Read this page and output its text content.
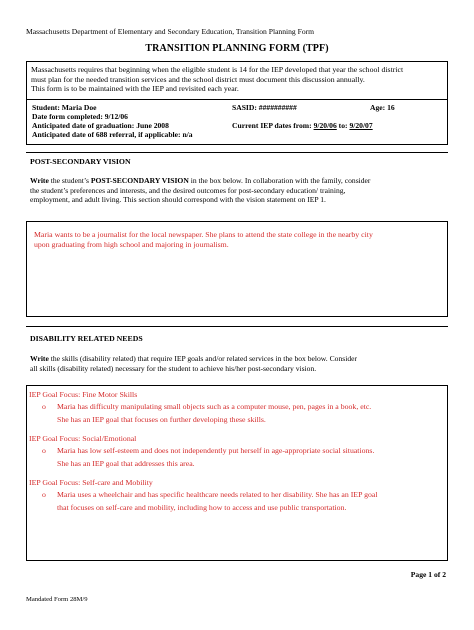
Massachusetts Department of Elementary and Secondary Education, Transition Planning Form
TRANSITION PLANNING FORM (TPF)
Massachusetts requires that beginning when the eligible student is 14 for the IEP developed that year the school district
must plan for the needed transition services and the school district must document this discussion annually.
This form is to be maintained with the IEP and revisited each year.
Student: Maria Doe	SASID: ##########	Age: 16
Date form completed: 9/12/06
Anticipated date of graduation: June 2008	Current IEP dates from: 9/20/06 to: 9/20/07
Anticipated date of 688 referral, if applicable: n/a
POST-SECONDARY VISION
Write the student’s POST-SECONDARY VISION in the box below. In collaboration with the family, consider
the student’s preferences and interests, and the desired outcomes for post-secondary education/ training,
employment, and adult living. This section should correspond with the vision statement on IEP 1.
Maria wants to be a journalist for the local newspaper. She plans to attend the state college in the nearby city
upon graduating from high school and majoring in journalism.
DISABILITY RELATED NEEDS
Write the skills (disability related) that require IEP goals and/or related services in the box below. Consider
all skills (disability related) necessary for the student to achieve his/her post-secondary vision.
IEP Goal Focus: Fine Motor Skills
o Maria has difficulty manipulating small objects such as a computer mouse, pen, pages in a book, etc.
She has an IEP goal that focuses on further developing these skills.
IEP Goal Focus: Social/Emotional
o Maria has low self-esteem and does not independently put herself in age-appropriate social situations.
She has an IEP goal that addresses this area.
IEP Goal Focus: Self-care and Mobility
o Maria uses a wheelchair and has specific healthcare needs related to her disability. She has an IEP goal
that focuses on self-care and mobility, including how to access and use public transportation.
Page 1 of 2
Mandated Form 28M/9
